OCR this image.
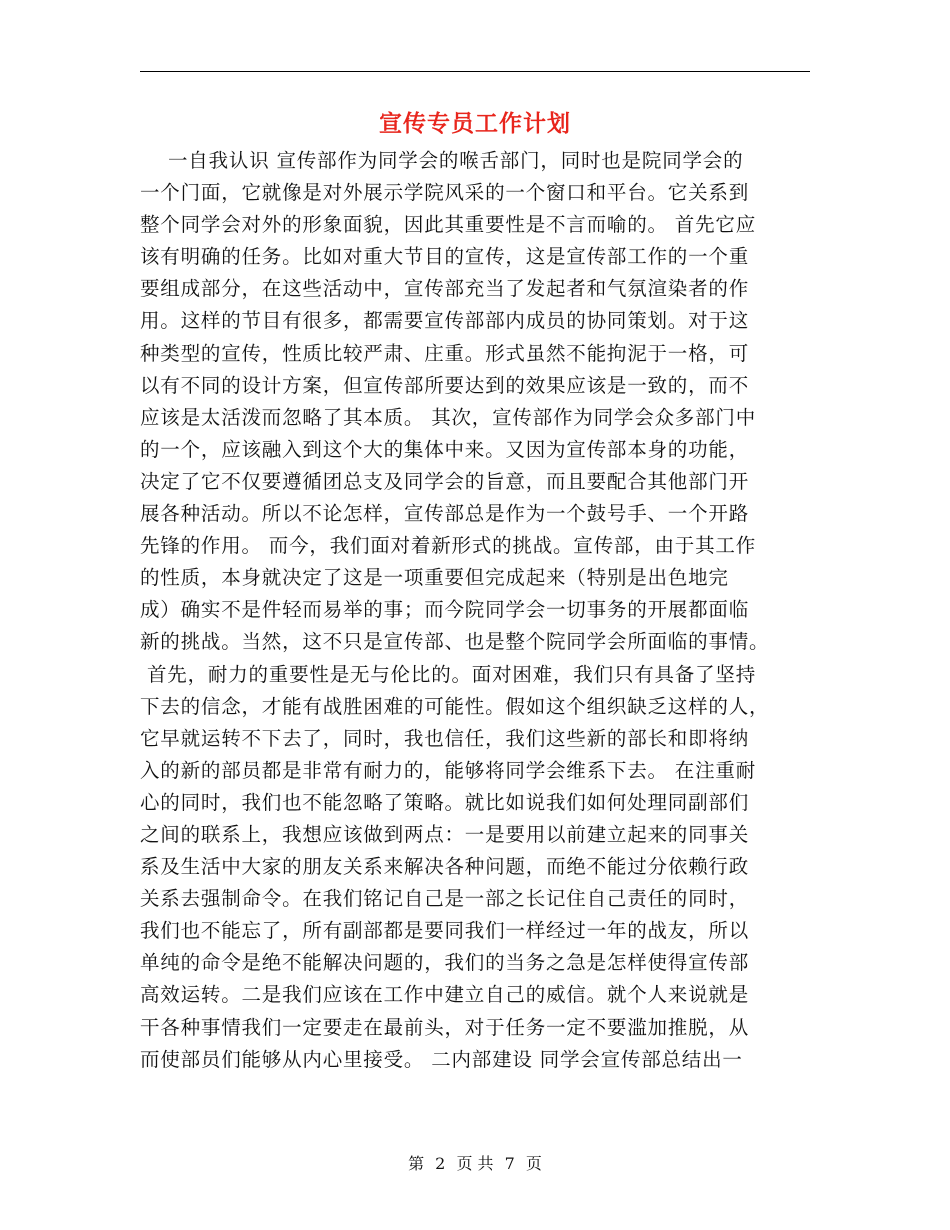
宣传专员工作计划
一自我认识 宣传部作为同学会的喉舌部门，同时也是院同学会的
一个门面，它就像是对外展示学院风采的一个窗口和平台。它关系到
整个同学会对外的形象面貌，因此其重要性是不言而喻的。 首先它应
该有明确的任务。比如对重大节目的宣传，这是宣传部工作的一个重
要组成部分，在这些活动中，宣传部充当了发起者和气氛渲染者的作
用。这样的节目有很多，都需要宣传部部内成员的协同策划。对于这
种类型的宣传，性质比较严肃、庄重。形式虽然不能拘泥于一格，可
以有不同的设计方案，但宣传部所要达到的效果应该是一致的，而不
应该是太活泼而忽略了其本质。 其次，宣传部作为同学会众多部门中
的一个，应该融入到这个大的集体中来。又因为宣传部本身的功能，
决定了它不仅要遵循团总支及同学会的旨意，而且要配合其他部门开
展各种活动。所以不论怎样，宣传部总是作为一个鼓号手、一个开路
先锋的作用。 而今，我们面对着新形式的挑战。宣传部，由于其工作
的性质，本身就决定了这是一项重要但完成起来（特别是出色地完
成）确实不是件轻而易举的事；而今院同学会一切事务的开展都面临
新的挑战。当然，这不只是宣传部、也是整个院同学会所面临的事情。
首先，耐力的重要性是无与伦比的。面对困难，我们只有具备了坚持
下去的信念，才能有战胜困难的可能性。假如这个组织缺乏这样的人，
它早就运转不下去了，同时，我也信任，我们这些新的部长和即将纳
入的新的部员都是非常有耐力的，能够将同学会维系下去。 在注重耐
心的同时，我们也不能忽略了策略。就比如说我们如何处理同副部们
之间的联系上，我想应该做到两点：一是要用以前建立起来的同事关
系及生活中大家的朋友关系来解决各种问题，而绝不能过分依赖行政
关系去强制命令。在我们铭记自己是一部之长记住自己责任的同时，
我们也不能忘了，所有副部都是要同我们一样经过一年的战友，所以
单纯的命令是绝不能解决问题的，我们的当务之急是怎样使得宣传部
高效运转。二是我们应该在工作中建立自己的威信。就个人来说就是
干各种事情我们一定要走在最前头，对于任务一定不要滥加推脱，从
而使部员们能够从内心里接受。 二内部建设 同学会宣传部总结出一
第 2 页 共 7 页
